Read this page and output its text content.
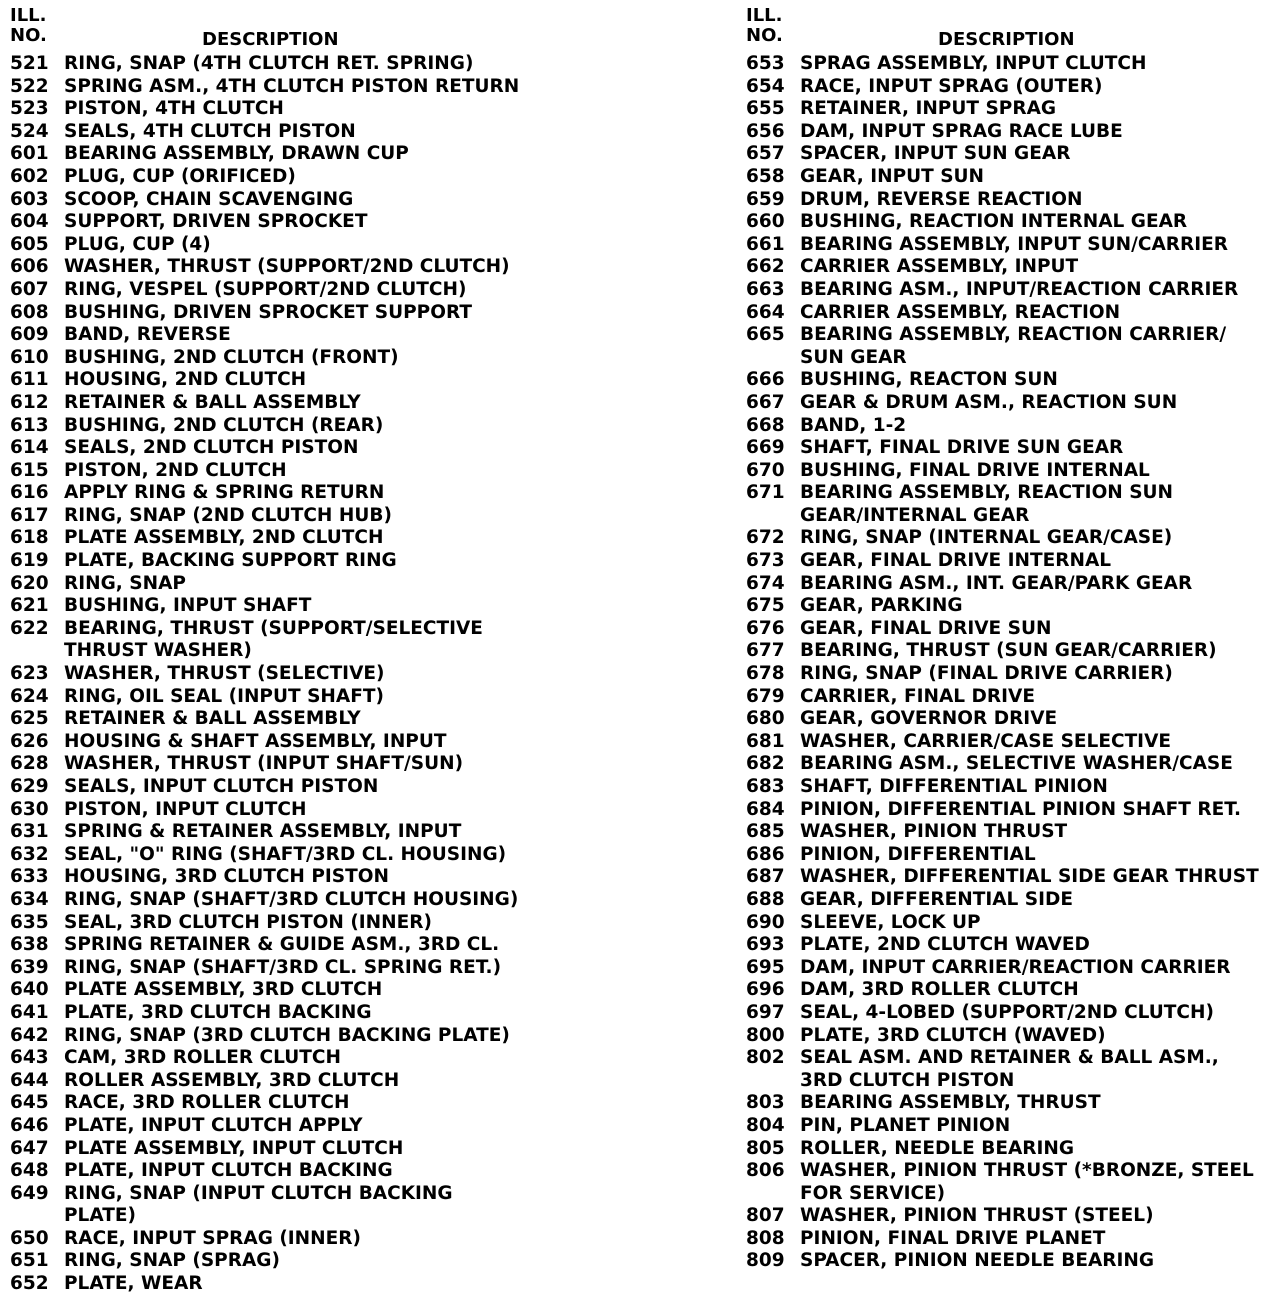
ILL.
NO.	DESCRIPTION
521 RING, SNAP (4TH CLUTCH RET. SPRING)
522 SPRING ASM., 4TH CLUTCH PISTON RETURN
523 PISTON, 4TH CLUTCH
524 SEALS, 4TH CLUTCH PISTON
601 BEARING ASSEMBLY, DRAWN CUP
602 PLUG, CUP (ORIFICED)
603 SCOOP, CHAIN SCAVENGING
604 SUPPORT, DRIVEN SPROCKET
605 PLUG, CUP (4)
606 WASHER, THRUST (SUPPORT/2ND CLUTCH)
607 RING, VESPEL (SUPPORT/2ND CLUTCH)
608 BUSHING, DRIVEN SPROCKET SUPPORT
609 BAND, REVERSE
610 BUSHING, 2ND CLUTCH (FRONT)
611 HOUSING, 2ND CLUTCH
612 RETAINER & BALL ASSEMBLY
613 BUSHING, 2ND CLUTCH (REAR)
614 SEALS, 2ND CLUTCH PISTON
615 PISTON, 2ND CLUTCH
616 APPLY RING & SPRING RETURN
617 RING, SNAP (2ND CLUTCH HUB)
618 PLATE ASSEMBLY, 2ND CLUTCH
619 PLATE, BACKING SUPPORT RING
620 RING, SNAP
621 BUSHING, INPUT SHAFT
622 BEARING, THRUST (SUPPORT/SELECTIVE
THRUST WASHER)
623 WASHER, THRUST (SELECTIVE)
624 RING, OIL SEAL (INPUT SHAFT)
625 RETAINER & BALL ASSEMBLY
626 HOUSING & SHAFT ASSEMBLY, INPUT
628 WASHER, THRUST (INPUT SHAFT/SUN)
629 SEALS, INPUT CLUTCH PISTON
630 PISTON, INPUT CLUTCH
631 SPRING & RETAINER ASSEMBLY, INPUT
632 SEAL, "O" RING (SHAFT/3RD CL. HOUSING)
633 HOUSING, 3RD CLUTCH PISTON
634 RING, SNAP (SHAFT/3RD CLUTCH HOUSING)
635 SEAL, 3RD CLUTCH PISTON (INNER)
638 SPRING RETAINER & GUIDE ASM., 3RD CL.
639 RING, SNAP (SHAFT/3RD CL. SPRING RET.)
640 PLATE ASSEMBLY, 3RD CLUTCH
641 PLATE, 3RD CLUTCH BACKING
642 RING, SNAP (3RD CLUTCH BACKING PLATE)
643 CAM, 3RD ROLLER CLUTCH
644 ROLLER ASSEMBLY, 3RD CLUTCH
645 RACE, 3RD ROLLER CLUTCH
646 PLATE, INPUT CLUTCH APPLY
647 PLATE ASSEMBLY, INPUT CLUTCH
648 PLATE, INPUT CLUTCH BACKING
649 RING, SNAP (INPUT CLUTCH BACKING
PLATE)
650 RACE, INPUT SPRAG (INNER)
651 RING, SNAP (SPRAG)
652 PLATE, WEAR
ILL.
NO.	DESCRIPTION
653 SPRAG ASSEMBLY, INPUT CLUTCH
654 RACE, INPUT SPRAG (OUTER)
655 RETAINER, INPUT SPRAG
656 DAM, INPUT SPRAG RACE LUBE
657 SPACER, INPUT SUN GEAR
658 GEAR, INPUT SUN
659 DRUM, REVERSE REACTION
660 BUSHING, REACTION INTERNAL GEAR
661 BEARING ASSEMBLY, INPUT SUN/CARRIER
662 CARRIER ASSEMBLY, INPUT
663 BEARING ASM., INPUT/REACTION CARRIER
664 CARRIER ASSEMBLY, REACTION
665 BEARING ASSEMBLY, REACTION CARRIER/
SUN GEAR
666 BUSHING, REACTON SUN
667 GEAR & DRUM ASM., REACTION SUN
668 BAND, 1-2
669 SHAFT, FINAL DRIVE SUN GEAR
670 BUSHING, FINAL DRIVE INTERNAL
671 BEARING ASSEMBLY, REACTION SUN
GEAR/INTERNAL GEAR
672 RING, SNAP (INTERNAL GEAR/CASE)
673 GEAR, FINAL DRIVE INTERNAL
674 BEARING ASM., INT. GEAR/PARK GEAR
675 GEAR, PARKING
676 GEAR, FINAL DRIVE SUN
677 BEARING, THRUST (SUN GEAR/CARRIER)
678 RING, SNAP (FINAL DRIVE CARRIER)
679 CARRIER, FINAL DRIVE
680 GEAR, GOVERNOR DRIVE
681 WASHER, CARRIER/CASE SELECTIVE
682 BEARING ASM., SELECTIVE WASHER/CASE
683 SHAFT, DIFFERENTIAL PINION
684 PINION, DIFFERENTIAL PINION SHAFT RET.
685 WASHER, PINION THRUST
686 PINION, DIFFERENTIAL
687 WASHER, DIFFERENTIAL SIDE GEAR THRUST
688 GEAR, DIFFERENTIAL SIDE
690 SLEEVE, LOCK UP
693 PLATE, 2ND CLUTCH WAVED
695 DAM, INPUT CARRIER/REACTION CARRIER
696 DAM, 3RD ROLLER CLUTCH
697 SEAL, 4-LOBED (SUPPORT/2ND CLUTCH)
800 PLATE, 3RD CLUTCH (WAVED)
802 SEAL ASM. AND RETAINER & BALL ASM.,
3RD CLUTCH PISTON
803 BEARING ASSEMBLY, THRUST
804 PIN, PLANET PINION
805 ROLLER, NEEDLE BEARING
806 WASHER, PINION THRUST (*BRONZE, STEEL
FOR SERVICE)
807 WASHER, PINION THRUST (STEEL)
808 PINION, FINAL DRIVE PLANET
809 SPACER, PINION NEEDLE BEARING
